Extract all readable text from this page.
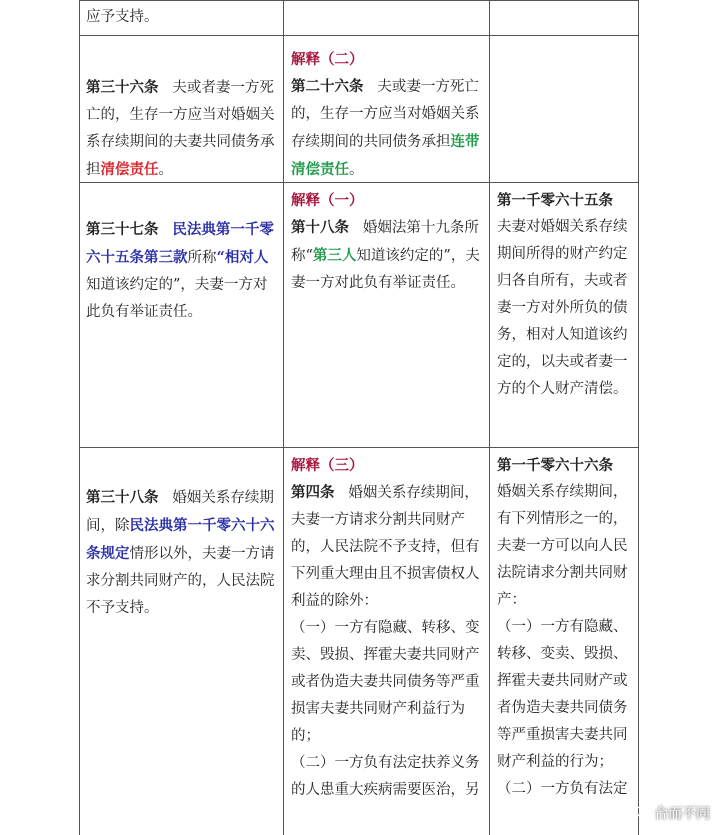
应予支持。

第三十六条 夫或者妻一方死亡的，生存一方应当对婚姻关系存续期间的夫妻共同债务承担清偿责任。

解释（二）

第二十六条 夫或妻一方死亡的，生存一方应当对婚姻关系存续期间的共同债务承担连带清偿责任。

第三十七条 民法典第一千零六十五条第三款所称“相对人知道该约定的”，夫妻一方对此负有举证责任。

解释（一）

第十八条 婚姻法第十九条所称“第三人知道该约定的”，夫妻一方对此负有举证责任。

第一千零六十五条

夫妻对婚姻关系存续期间所得的财产约定归各自所有，夫或者妻一方对外所负的债务，相对人知道该约定的，以夫或者妻一方的个人财产清偿。

第三十八条 婚姻关系存续期间，除民法典第一千零六十六条规定情形以外，夫妻一方请求分割共同财产的，人民法院不予支持。

解释（三）

第四条 婚姻关系存续期间，夫妻一方请求分割共同财产的，人民法院不予支持，但有下列重大理由且不损害债权人利益的除外：

（一）一方有隐藏、转移、变卖、毁损、挥霍夫妻共同财产或者伪造夫妻共同债务等严重损害夫妻共同财产利益行为的；

（二）一方负有法定扶养义务的人患重大疾病需要医治，另

第一千零六十六条

婚姻关系存续期间，有下列情形之一的，夫妻一方可以向人民法院请求分割共同财产：

（一）一方有隐藏、转移、变卖、毁损、挥霍夫妻共同财产或者伪造夫妻共同债务等严重损害夫妻共同财产利益的行为；

（二）一方负有法定

合而不同
